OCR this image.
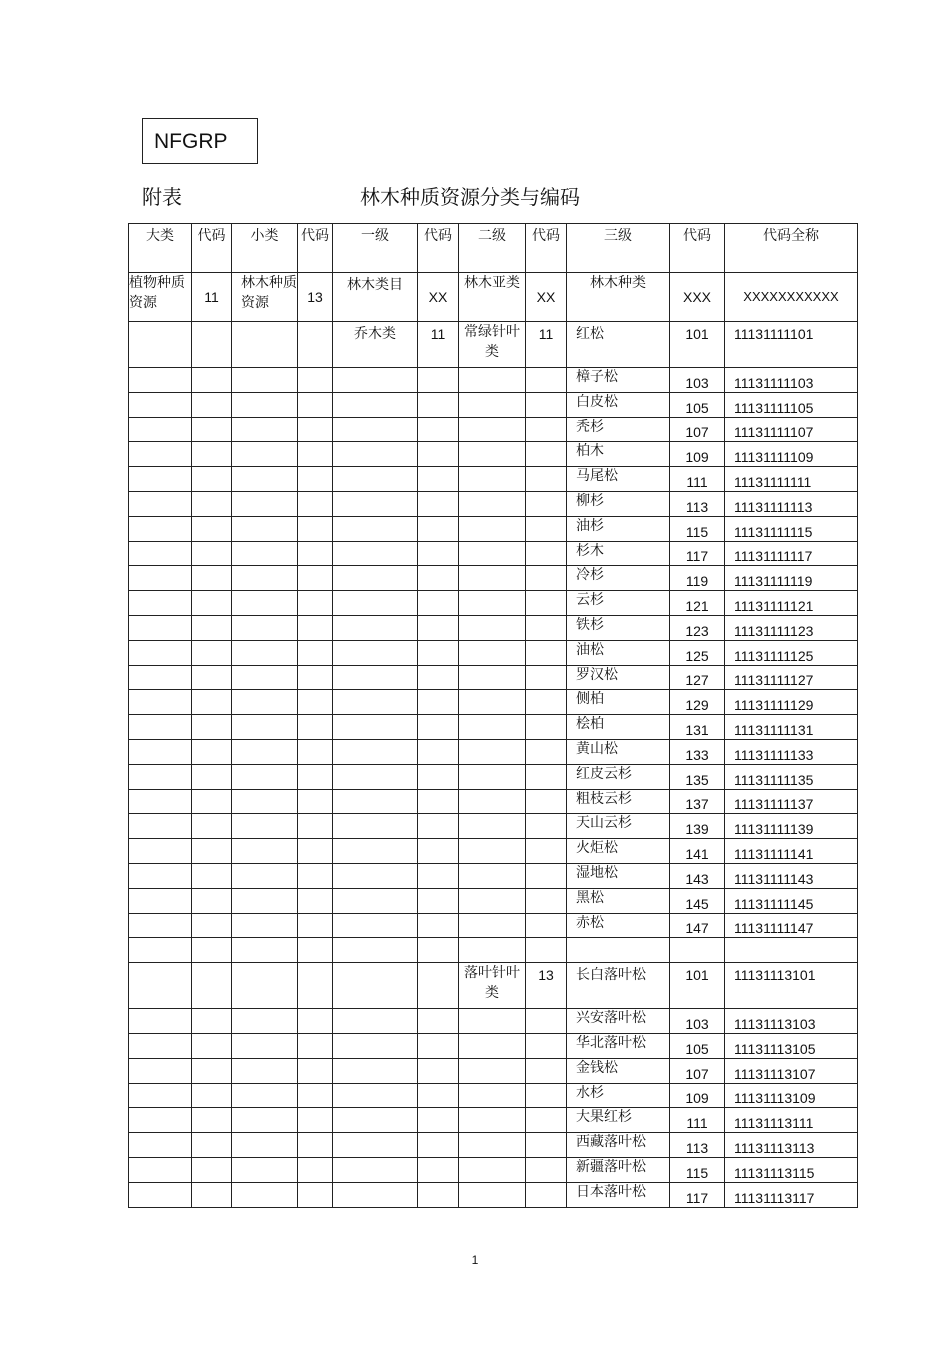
NFGRP
附表	林木种质资源分类与编码
大类	代码	小类	代码	一级	代码	二级	代码	三级	代码	代码全称
植物种质资源	11	林木种质资源	13	林木类目	XX	林木亚类	XX	林木种类	XXX	XXXXXXXXXXX
				乔木类	11	常绿针叶类	11	红松	101	11131111101
								樟子松	103	11131111103
								白皮松	105	11131111105
								秃杉	107	11131111107
								柏木	109	11131111109
								马尾松	111	11131111111
								柳杉	113	11131111113
								油杉	115	11131111115
								杉木	117	11131111117
								冷杉	119	11131111119
								云杉	121	11131111121
								铁杉	123	11131111123
								油松	125	11131111125
								罗汉松	127	11131111127
								侧柏	129	11131111129
								桧柏	131	11131111131
								黄山松	133	11131111133
								红皮云杉	135	11131111135
								粗枝云杉	137	11131111137
								天山云杉	139	11131111139
								火炬松	141	11131111141
								湿地松	143	11131111143
								黑松	145	11131111145
								赤松	147	11131111147

						落叶针叶类	13	长白落叶松	101	11131113101
								兴安落叶松	103	11131113103
								华北落叶松	105	11131113105
								金钱松	107	11131113107
								水杉	109	11131113109
								大果红杉	111	11131113111
								西藏落叶松	113	11131113113
								新疆落叶松	115	11131113115
								日本落叶松	117	11131113117
1
